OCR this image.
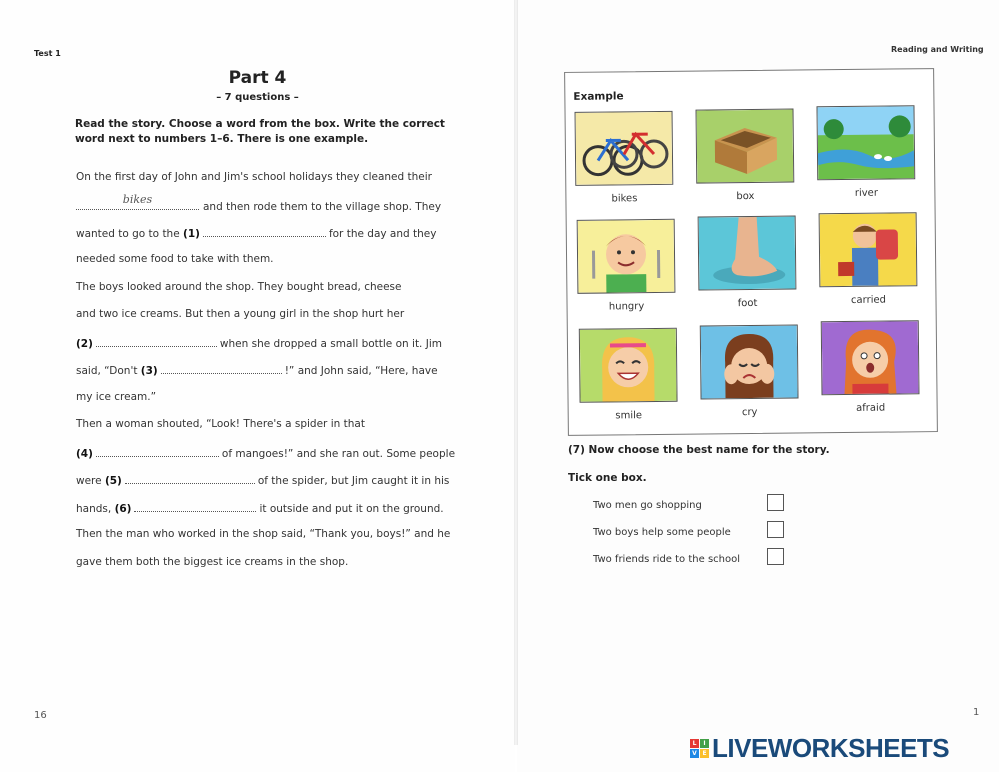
Test 1	Reading and Writing
Part 4
– 7 questions –
Read the story. Choose a word from the box. Write the correct word next to numbers 1–6. There is one example.
On the first day of John and Jim's school holidays they cleaned their
bikes
and then rode them to the village shop. They
wanted to go to the (1)	for the day and they
needed some food to take with them.
The boys looked around the shop. They bought bread, cheese
and two ice creams. But then a young girl in the shop hurt her
(2)	when she dropped a small bottle on it. Jim
said, “Don't (3)	!” and John said, “Here, have
my ice cream.”
Then a woman shouted, “Look! There's a spider in that
(4)	of mangoes!” and she ran out. Some people
were (5)	of the spider, but Jim caught it in his
hands, (6)	it outside and put it on the ground.
Then the man who worked in the shop said, “Thank you, boys!” and he
gave them both the biggest ice creams in the shop.
16	1
Example
bikes	box	river
hungry	foot	carried
smile	cry	afraid
(7) Now choose the best name for the story.
Tick one box.
Two men go shopping
Two boys help some people
Two friends ride to the school
L	I
V E LIVEWORKSHEETS
